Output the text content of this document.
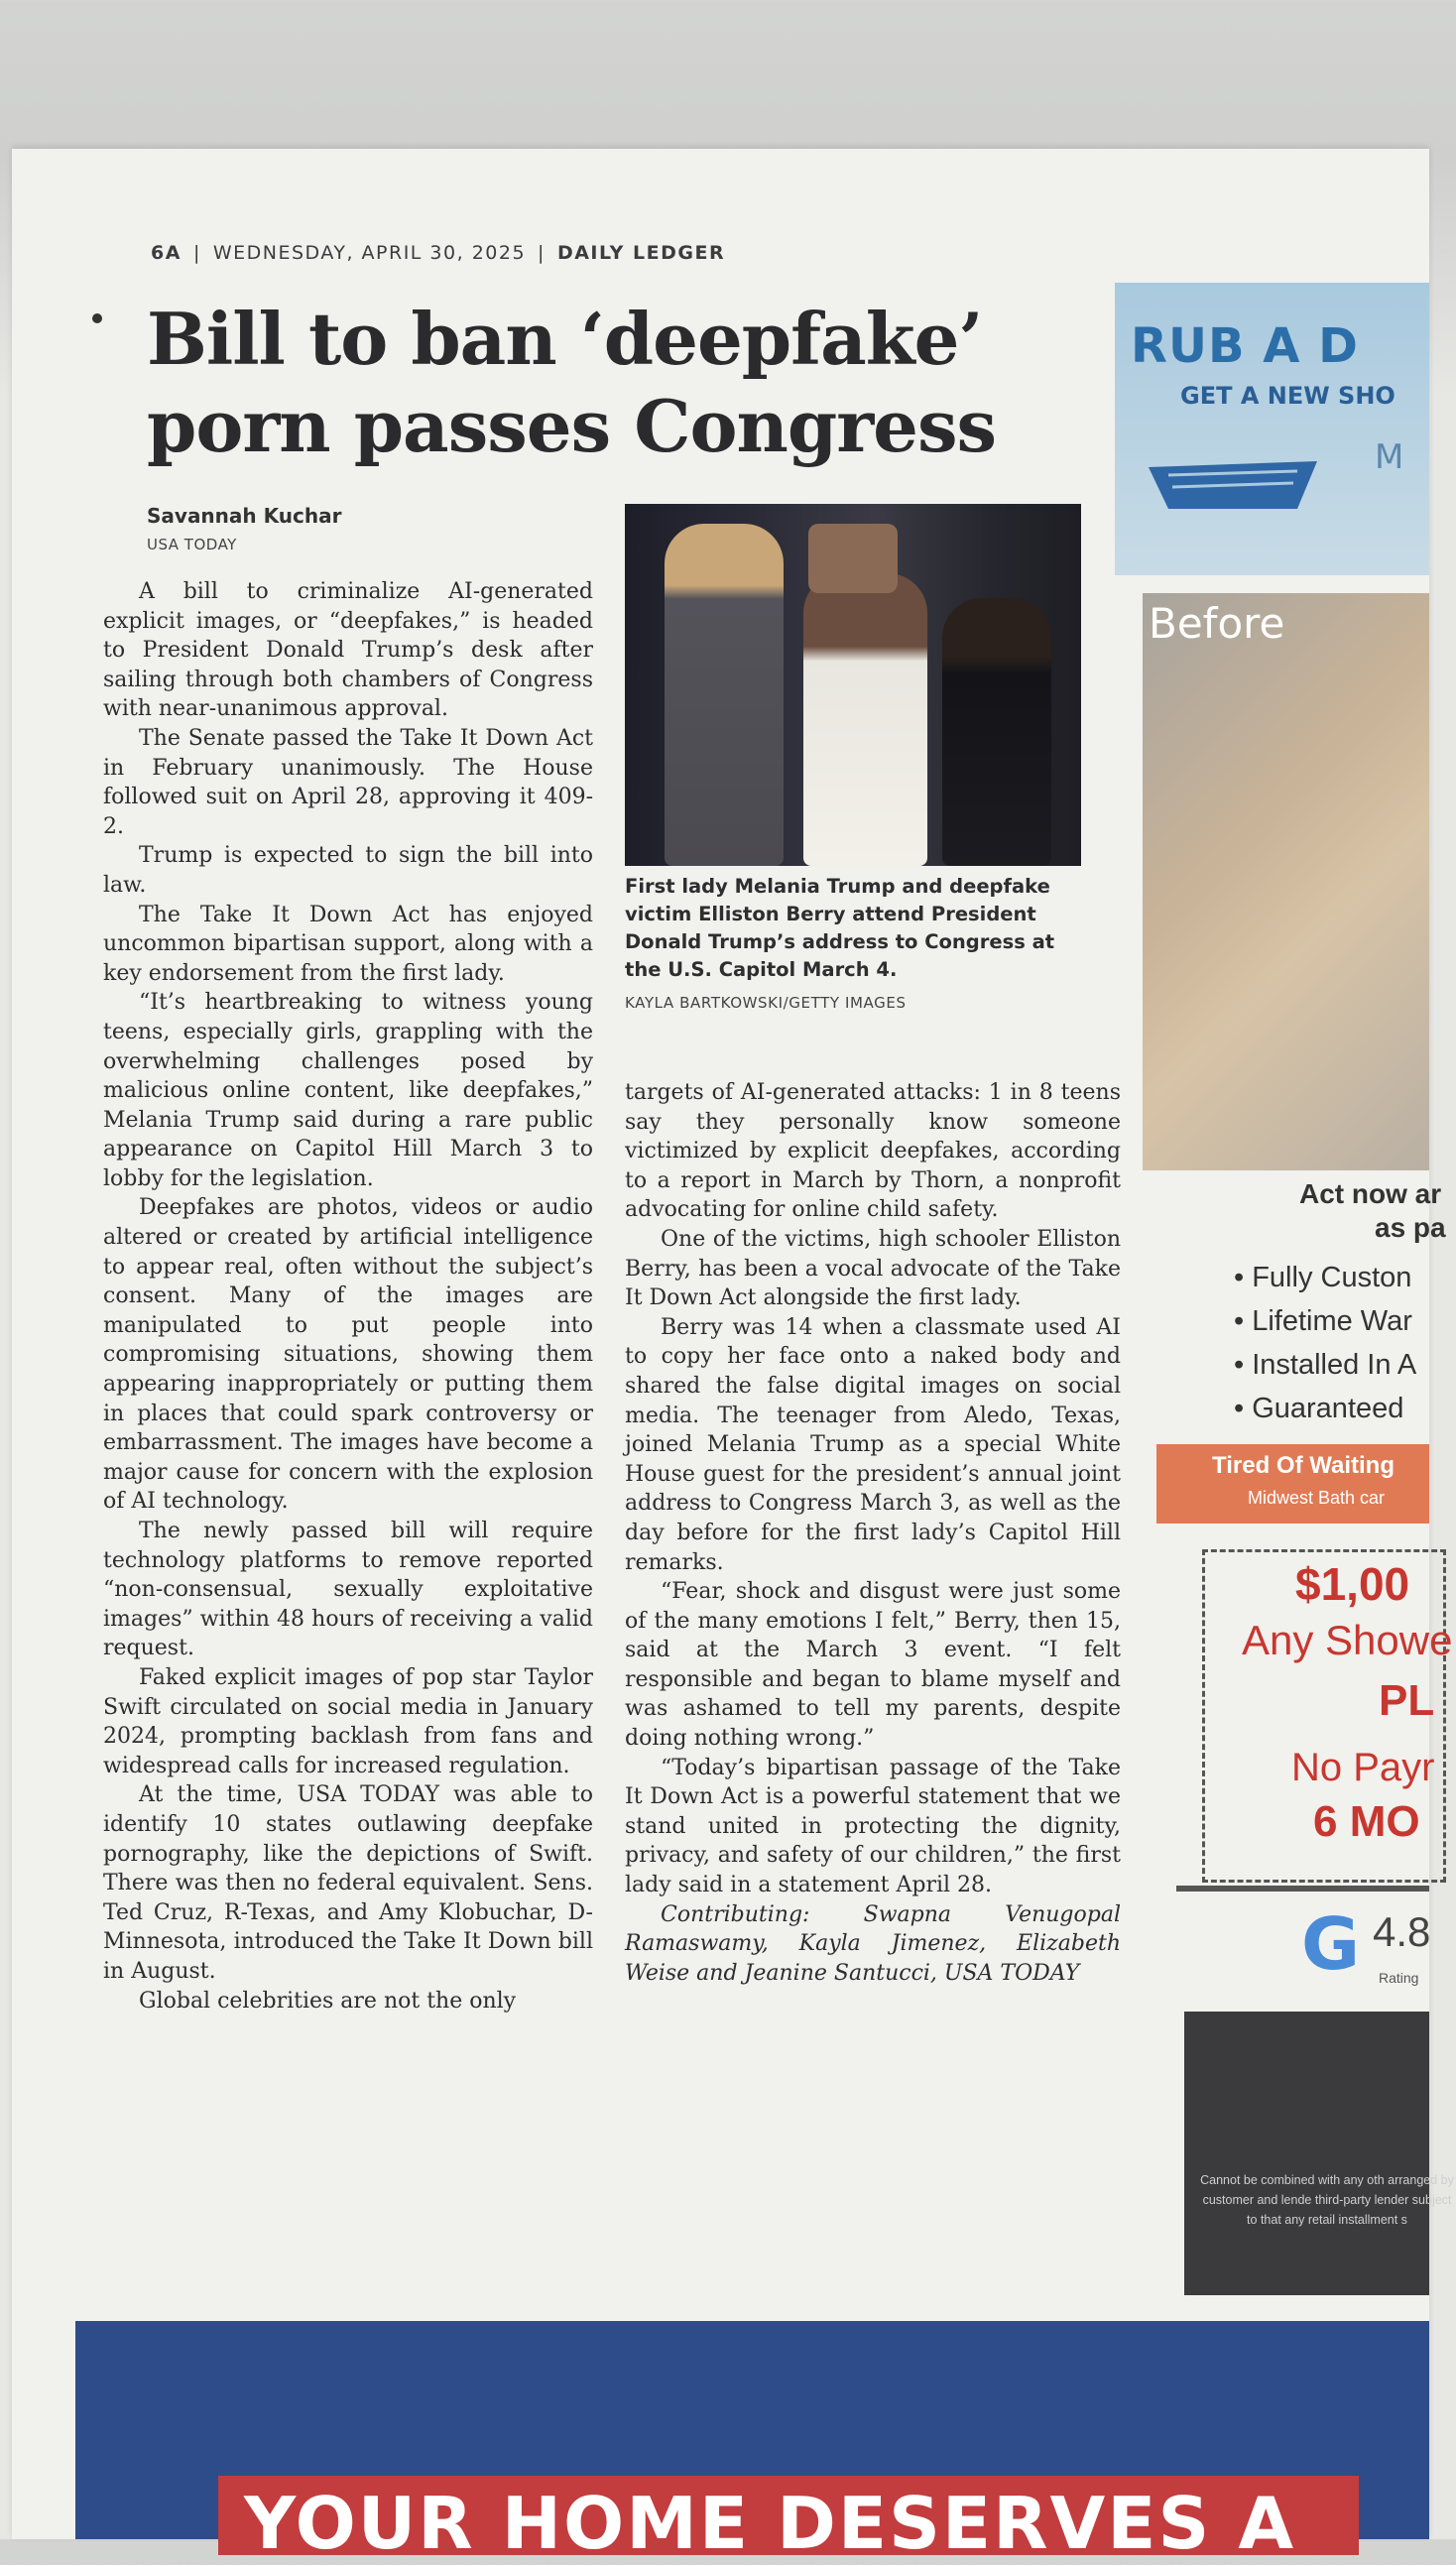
6A | WEDNESDAY, APRIL 30, 2025 | DAILY LEDGER
Bill to ban ‘deepfake’ porn passes Congress
Savannah Kuchar
USA TODAY

A bill to criminalize AI-generated explicit images, or “deepfakes,” is headed to President Donald Trump’s desk after sailing through both chambers of Congress with near-unanimous approval.

The Senate passed the Take It Down Act in February unanimously. The House followed suit on April 28, approving it 409-2.

Trump is expected to sign the bill into law.

The Take It Down Act has enjoyed uncommon bipartisan support, along with a key endorsement from the first lady.

“It’s heartbreaking to witness young teens, especially girls, grappling with the overwhelming challenges posed by malicious online content, like deepfakes,” Melania Trump said during a rare public appearance on Capitol Hill March 3 to lobby for the legislation.

Deepfakes are photos, videos or audio altered or created by artificial intelligence to appear real, often without the subject’s consent. Many of the images are manipulated to put people into compromising situations, showing them appearing inappropriately or putting them in places that could spark controversy or embarrassment. The images have become a major cause for concern with the explosion of AI technology.

The newly passed bill will require technology platforms to remove reported “non-consensual, sexually exploitative images” within 48 hours of receiving a valid request.

Faked explicit images of pop star Taylor Swift circulated on social media in January 2024, prompting backlash from fans and widespread calls for increased regulation.

At the time, USA TODAY was able to identify 10 states outlawing deepfake pornography, like the depictions of Swift. There was then no federal equivalent. Sens. Ted Cruz, R-Texas, and Amy Klobuchar, D-Minnesota, introduced the Take It Down bill in August.

Global celebrities are not the only

First lady Melania Trump and deepfake victim Elliston Berry attend President Donald Trump’s address to Congress at the U.S. Capitol March 4.
KAYLA BARTKOWSKI/GETTY IMAGES

targets of AI-generated attacks: 1 in 8 teens say they personally know someone victimized by explicit deepfakes, according to a report in March by Thorn, a nonprofit advocating for online child safety.

One of the victims, high schooler Elliston Berry, has been a vocal advocate of the Take It Down Act alongside the first lady.

Berry was 14 when a classmate used AI to copy her face onto a naked body and shared the false digital images on social media. The teenager from Aledo, Texas, joined Melania Trump as a special White House guest for the president’s annual joint address to Congress March 3, as well as the day before for the first lady’s Capitol Hill remarks.

“Fear, shock and disgust were just some of the many emotions I felt,” Berry, then 15, said at the March 3 event. “I felt responsible and began to blame myself and was ashamed to tell my parents, despite doing nothing wrong.”

“Today’s bipartisan passage of the Take It Down Act is a powerful statement that we stand united in protecting the dignity, privacy, and safety of our children,” the first lady said in a statement April 28.

Contributing: Swapna Venugopal Ramaswamy, Kayla Jimenez, Elizabeth Weise and Jeanine Santucci, USA TODAY

RUB A D
GET A NEW SHO
M
Before
Act now ar
as pa
• Fully Custon
• Lifetime War
• Installed In A
• Guaranteed
Tired Of Waiting
Midwest Bath car
$1,00
Any Showe
PL
No Payr
6 MO
G 4.8
Rating
Cannot be combined with any oth arranged by customer and lende third-party lender subject to that any retail installment s
YOUR HOME DESERVES A
